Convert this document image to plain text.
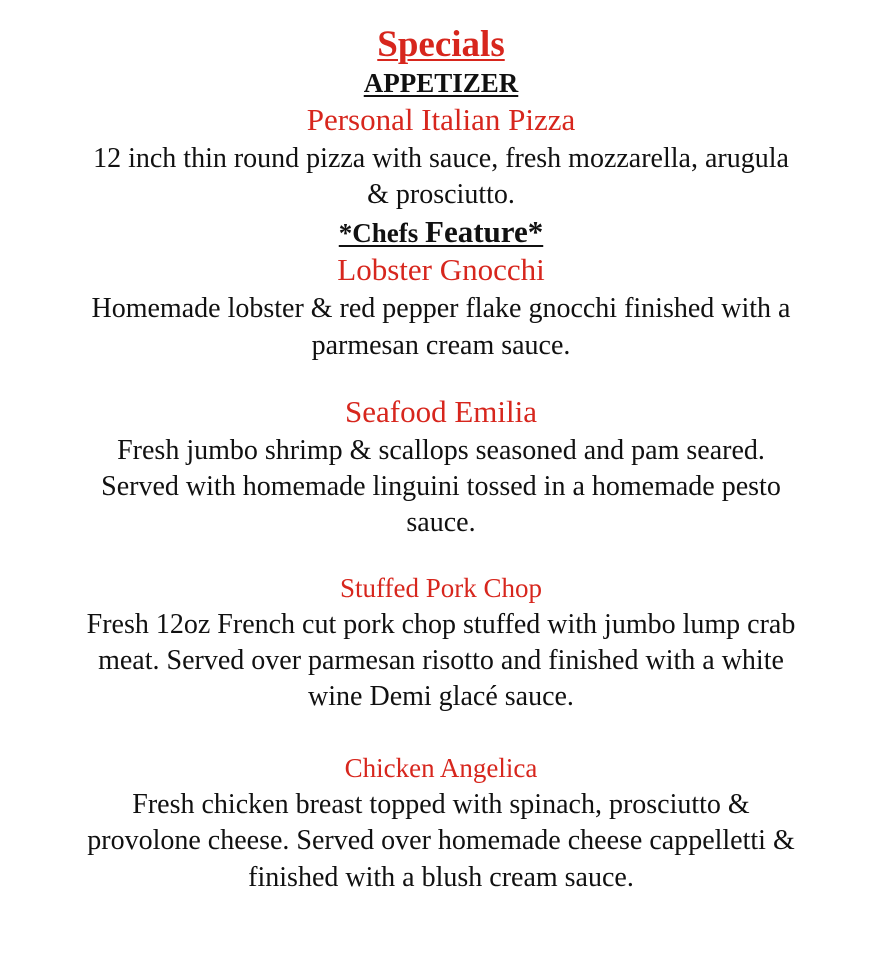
Specials

APPETIZER

Personal Italian Pizza

12 inch thin round pizza with sauce, fresh mozzarella, arugula

& prosciutto.

*Chefs Feature*

Lobster Gnocchi

Homemade lobster & red pepper flake gnocchi finished with a

parmesan cream sauce.

Seafood Emilia

Fresh jumbo shrimp & scallops seasoned and pam seared.

Served with homemade linguini tossed in a homemade pesto

sauce.

Stuffed Pork Chop

Fresh 12oz French cut pork chop stuffed with jumbo lump crab

meat. Served over parmesan risotto and finished with a white

wine Demi glacé sauce.

Chicken Angelica

Fresh chicken breast topped with spinach, prosciutto &

provolone cheese. Served over homemade cheese cappelletti &

finished with a blush cream sauce.
